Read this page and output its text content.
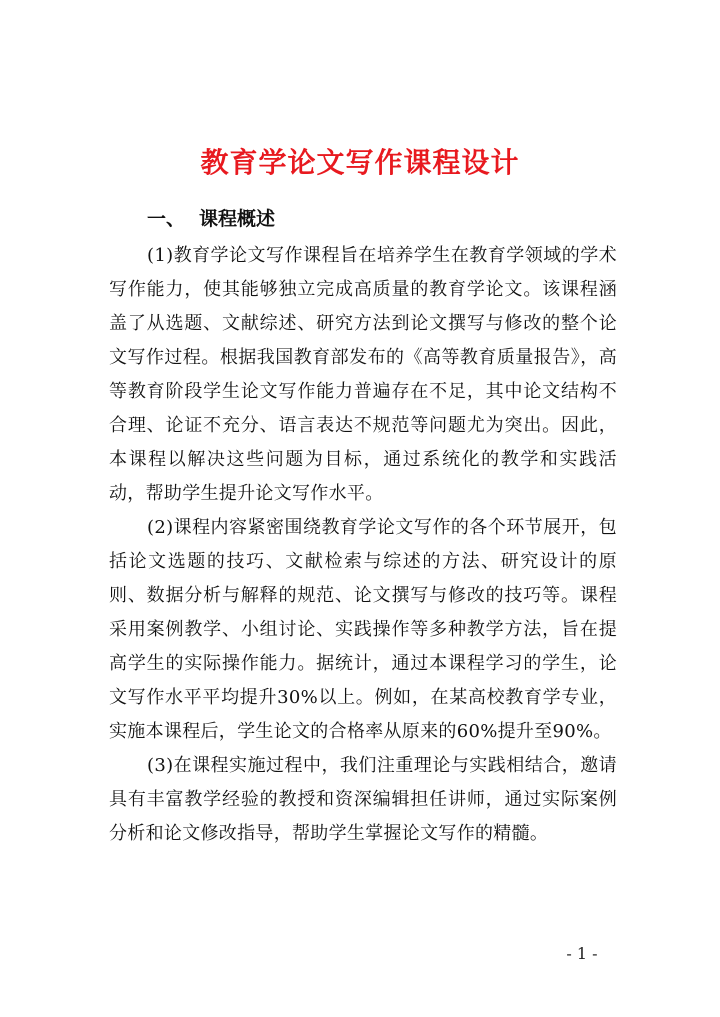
教育学论文写作课程设计
一、 课程概述

(1)教育学论文写作课程旨在培养学生在教育学领域的学术写作能力，使其能够独立完成高质量的教育学论文。该课程涵盖了从选题、文献综述、研究方法到论文撰写与修改的整个论文写作过程。根据我国教育部发布的《高等教育质量报告》，高等教育阶段学生论文写作能力普遍存在不足，其中论文结构不合理、论证不充分、语言表达不规范等问题尤为突出。因此，本课程以解决这些问题为目标，通过系统化的教学和实践活动，帮助学生提升论文写作水平。

(2)课程内容紧密围绕教育学论文写作的各个环节展开，包括论文选题的技巧、文献检索与综述的方法、研究设计的原则、数据分析与解释的规范、论文撰写与修改的技巧等。课程采用案例教学、小组讨论、实践操作等多种教学方法，旨在提高学生的实际操作能力。据统计，通过本课程学习的学生，论文写作水平平均提升30%以上。例如，在某高校教育学专业，实施本课程后，学生论文的合格率从原来的60%提升至90%。

(3)在课程实施过程中，我们注重理论与实践相结合，邀请具有丰富教学经验的教授和资深编辑担任讲师，通过实际案例分析和论文修改指导，帮助学生掌握论文写作的精髓。

- 1 -
